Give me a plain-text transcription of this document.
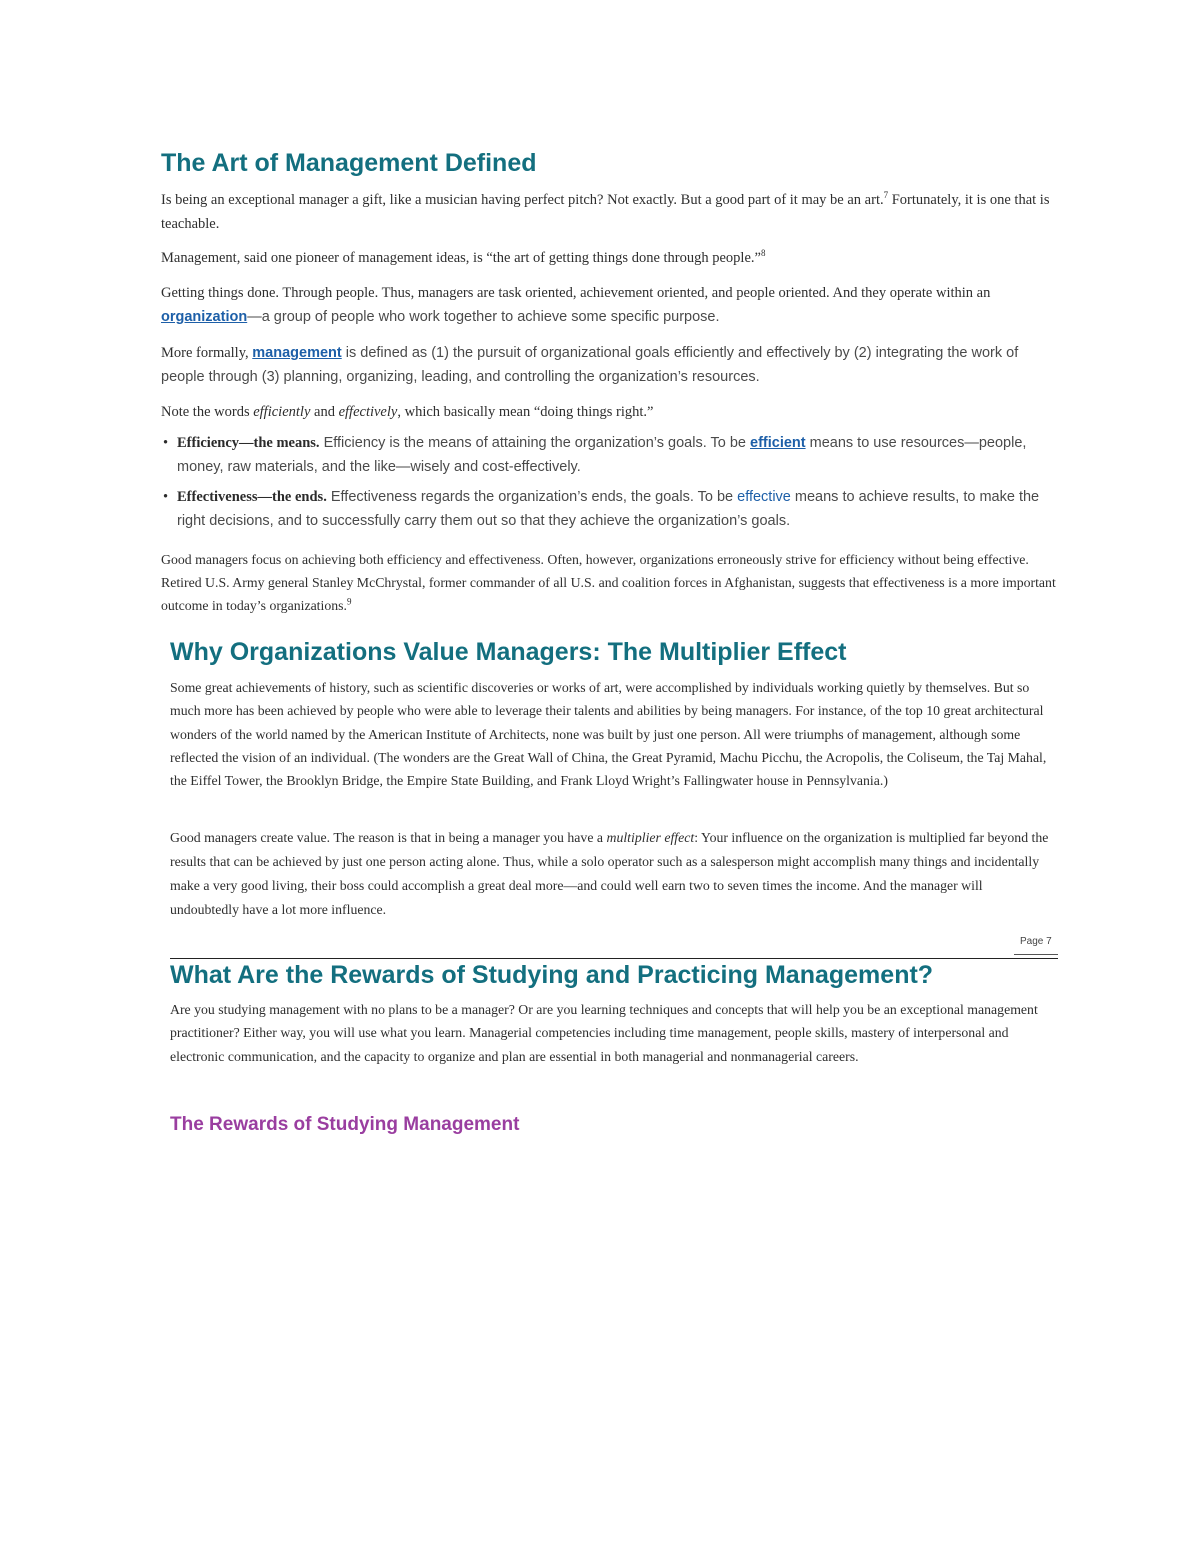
The Art of Management Defined

Is being an exceptional manager a gift, like a musician having perfect pitch? Not exactly. But a good part of it may be an art.$^7$ Fortunately, it is one that is teachable.

Management, said one pioneer of management ideas, is “the art of getting things done through people.”$^8$

Getting things done. Through people. Thus, managers are task oriented, achievement oriented, and people oriented. And they operate within an organization—a group of people who work together to achieve some specific purpose.

More formally, management is defined as (1) the pursuit of organizational goals efficiently and effectively by (2) integrating the work of people through (3) planning, organizing, leading, and controlling the organization’s resources.

Note the words efficiently and effectively, which basically mean “doing things right.”

• Efficiency—the means. Efficiency is the means of attaining the organization’s goals. To be efficient means to use resources—people, money, raw materials, and the like—wisely and cost-effectively.
• Effectiveness—the ends. Effectiveness regards the organization’s ends, the goals. To be effective means to achieve results, to make the right decisions, and to successfully carry them out so that they achieve the organization’s goals.

Good managers focus on achieving both efficiency and effectiveness. Often, however, organizations erroneously strive for efficiency without being effective. Retired U.S. Army general Stanley McChrystal, former commander of all U.S. and coalition forces in Afghanistan, suggests that effectiveness is a more important outcome in today’s organizations.$^9$

Why Organizations Value Managers: The Multiplier Effect

Some great achievements of history, such as scientific discoveries or works of art, were accomplished by individuals working quietly by themselves. But so much more has been achieved by people who were able to leverage their talents and abilities by being managers. For instance, of the top 10 great architectural wonders of the world named by the American Institute of Architects, none was built by just one person. All were triumphs of management, although some reflected the vision of an individual. (The wonders are the Great Wall of China, the Great Pyramid, Machu Picchu, the Acropolis, the Coliseum, the Taj Mahal, the Eiffel Tower, the Brooklyn Bridge, the Empire State Building, and Frank Lloyd Wright’s Fallingwater house in Pennsylvania.)

Good managers create value. The reason is that in being a manager you have a multiplier effect: Your influence on the organization is multiplied far beyond the results that can be achieved by just one person acting alone. Thus, while a solo operator such as a salesperson might accomplish many things and incidentally make a very good living, their boss could accomplish a great deal more—and could well earn two to seven times the income. And the manager will undoubtedly have a lot more influence.

Page 7
What Are the Rewards of Studying and Practicing Management?

Are you studying management with no plans to be a manager? Or are you learning techniques and concepts that will help you be an exceptional management practitioner? Either way, you will use what you learn. Managerial competencies including time management, people skills, mastery of interpersonal and electronic communication, and the capacity to organize and plan are essential in both managerial and nonmanagerial careers.

The Rewards of Studying Management
